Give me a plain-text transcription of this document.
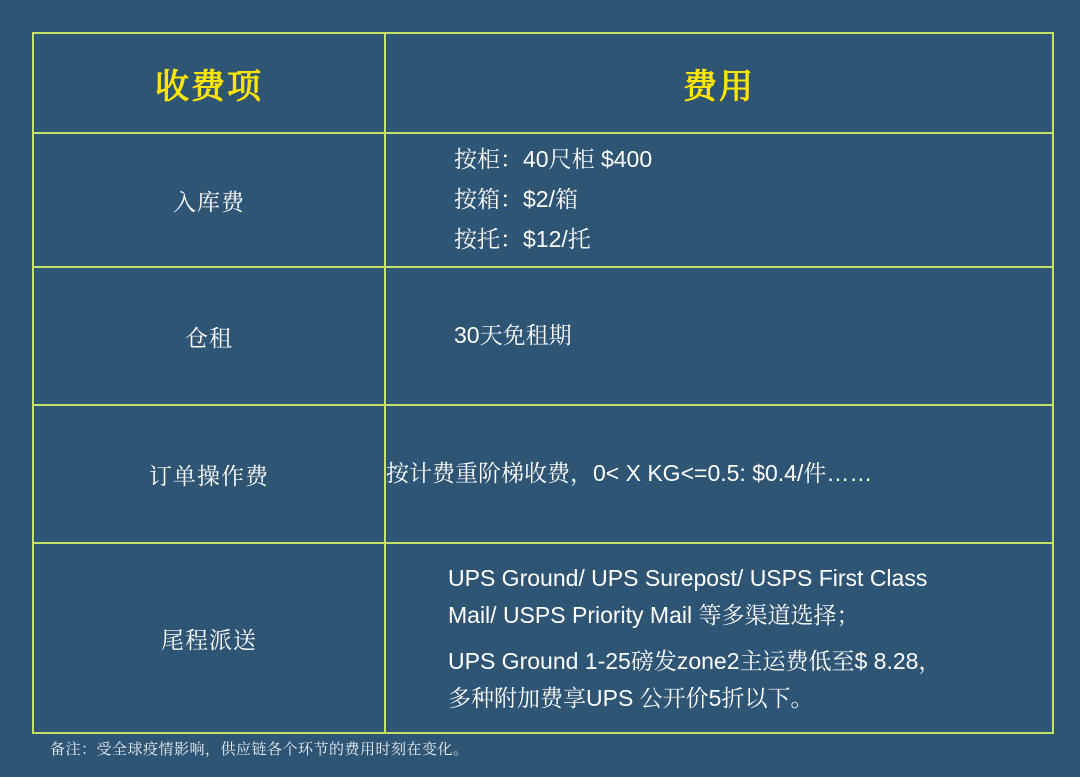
收费项	费用
入库费	按柜：40尺柜 $400

按箱：$2/箱

按托：$12/托

仓租	30天免租期

订单操作费	按计费重阶梯收费，0< X KG<=0.5: $0.4/件……

尾程派送	UPS Ground/ UPS Surepost/ USPS First Class

Mail/ USPS Priority Mail 等多渠道选择；

UPS Ground 1-25磅发zone2主运费低至$ 8.28，

多种附加费享UPS 公开价5折以下。

备注：受全球疫情影响，供应链各个环节的费用时刻在变化。
